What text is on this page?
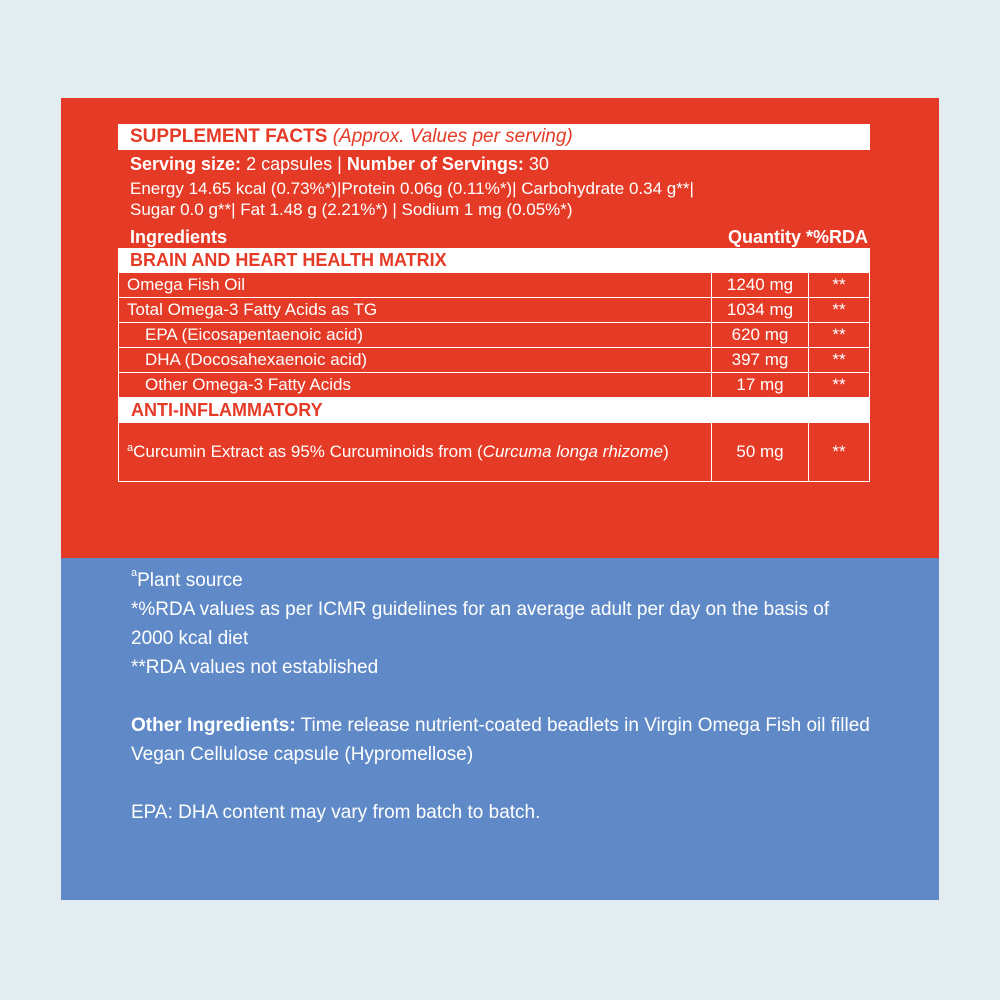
SUPPLEMENT FACTS (Approx. Values per serving)
Serving size: 2 capsules | Number of Servings: 30
Energy 14.65 kcal (0.73%*)|Protein 0.06g (0.11%*)| Carbohydrate 0.34 g**|
Sugar 0.0 g**| Fat 1.48 g (2.21%*) | Sodium 1 mg (0.05%*)
Ingredients	Quantity *%RDA
BRAIN AND HEART HEALTH MATRIX
Omega Fish Oil	1240 mg	**
Total Omega-3 Fatty Acids as TG	1034 mg	**
EPA (Eicosapentaenoic acid)	620 mg	**
DHA (Docosahexaenoic acid)	397 mg	**
Other Omega-3 Fatty Acids	17 mg	**

ANTI-INFLAMMATORY		

$^a$Curcumin Extract as 95% Curcuminoids from (Curcuma longa rhizome)	50 mg	**

$^a$Plant source

*%RDA values as per ICMR guidelines for an average adult per day on the basis of 2000 kcal diet

**RDA values not established

Other Ingredients: Time release nutrient-coated beadlets in Virgin Omega Fish oil filled Vegan Cellulose capsule (Hypromellose)

EPA: DHA content may vary from batch to batch.
